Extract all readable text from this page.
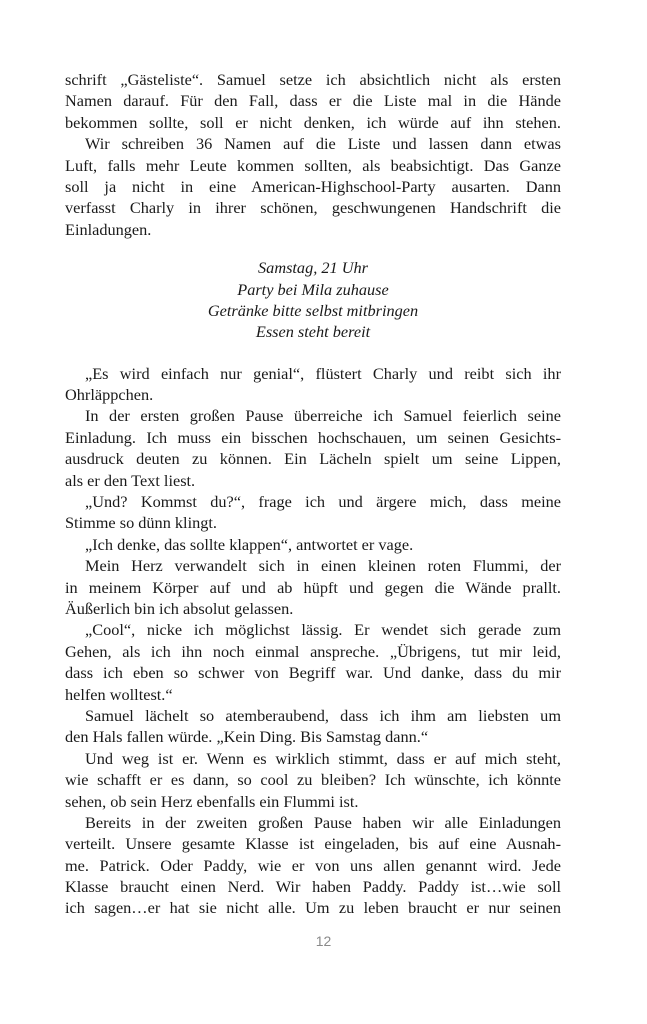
schrift „Gästeliste“. Samuel setze ich absichtlich nicht als ersten
Namen darauf. Für den Fall, dass er die Liste mal in die Hände
bekommen sollte, soll er nicht denken, ich würde auf ihn stehen.
Wir schreiben 36 Namen auf die Liste und lassen dann etwas
Luft, falls mehr Leute kommen sollten, als beabsichtigt. Das Ganze
soll ja nicht in eine American-Highschool-Party ausarten. Dann
verfasst Charly in ihrer schönen, geschwungenen Handschrift die
Einladungen.
Samstag, 21 Uhr
Party bei Mila zuhause
Getränke bitte selbst mitbringen
Essen steht bereit
„Es wird einfach nur genial“, flüstert Charly und reibt sich ihr
Ohrläppchen.
In der ersten großen Pause überreiche ich Samuel feierlich seine
Einladung. Ich muss ein bisschen hochschauen, um seinen Gesichts-
ausdruck deuten zu können. Ein Lächeln spielt um seine Lippen,
als er den Text liest.
„Und? Kommst du?“, frage ich und ärgere mich, dass meine
Stimme so dünn klingt.
„Ich denke, das sollte klappen“, antwortet er vage.
Mein Herz verwandelt sich in einen kleinen roten Flummi, der
in meinem Körper auf und ab hüpft und gegen die Wände prallt.
Äußerlich bin ich absolut gelassen.
„Cool“, nicke ich möglichst lässig. Er wendet sich gerade zum
Gehen, als ich ihn noch einmal anspreche. „Übrigens, tut mir leid,
dass ich eben so schwer von Begriff war. Und danke, dass du mir
helfen wolltest.“
Samuel lächelt so atemberaubend, dass ich ihm am liebsten um
den Hals fallen würde. „Kein Ding. Bis Samstag dann.“
Und weg ist er. Wenn es wirklich stimmt, dass er auf mich steht,
wie schafft er es dann, so cool zu bleiben? Ich wünschte, ich könnte
sehen, ob sein Herz ebenfalls ein Flummi ist.
Bereits in der zweiten großen Pause haben wir alle Einladungen
verteilt. Unsere gesamte Klasse ist eingeladen, bis auf eine Ausnah-
me. Patrick. Oder Paddy, wie er von uns allen genannt wird. Jede
Klasse braucht einen Nerd. Wir haben Paddy. Paddy ist…wie soll
ich sagen…er hat sie nicht alle. Um zu leben braucht er nur seinen
12
